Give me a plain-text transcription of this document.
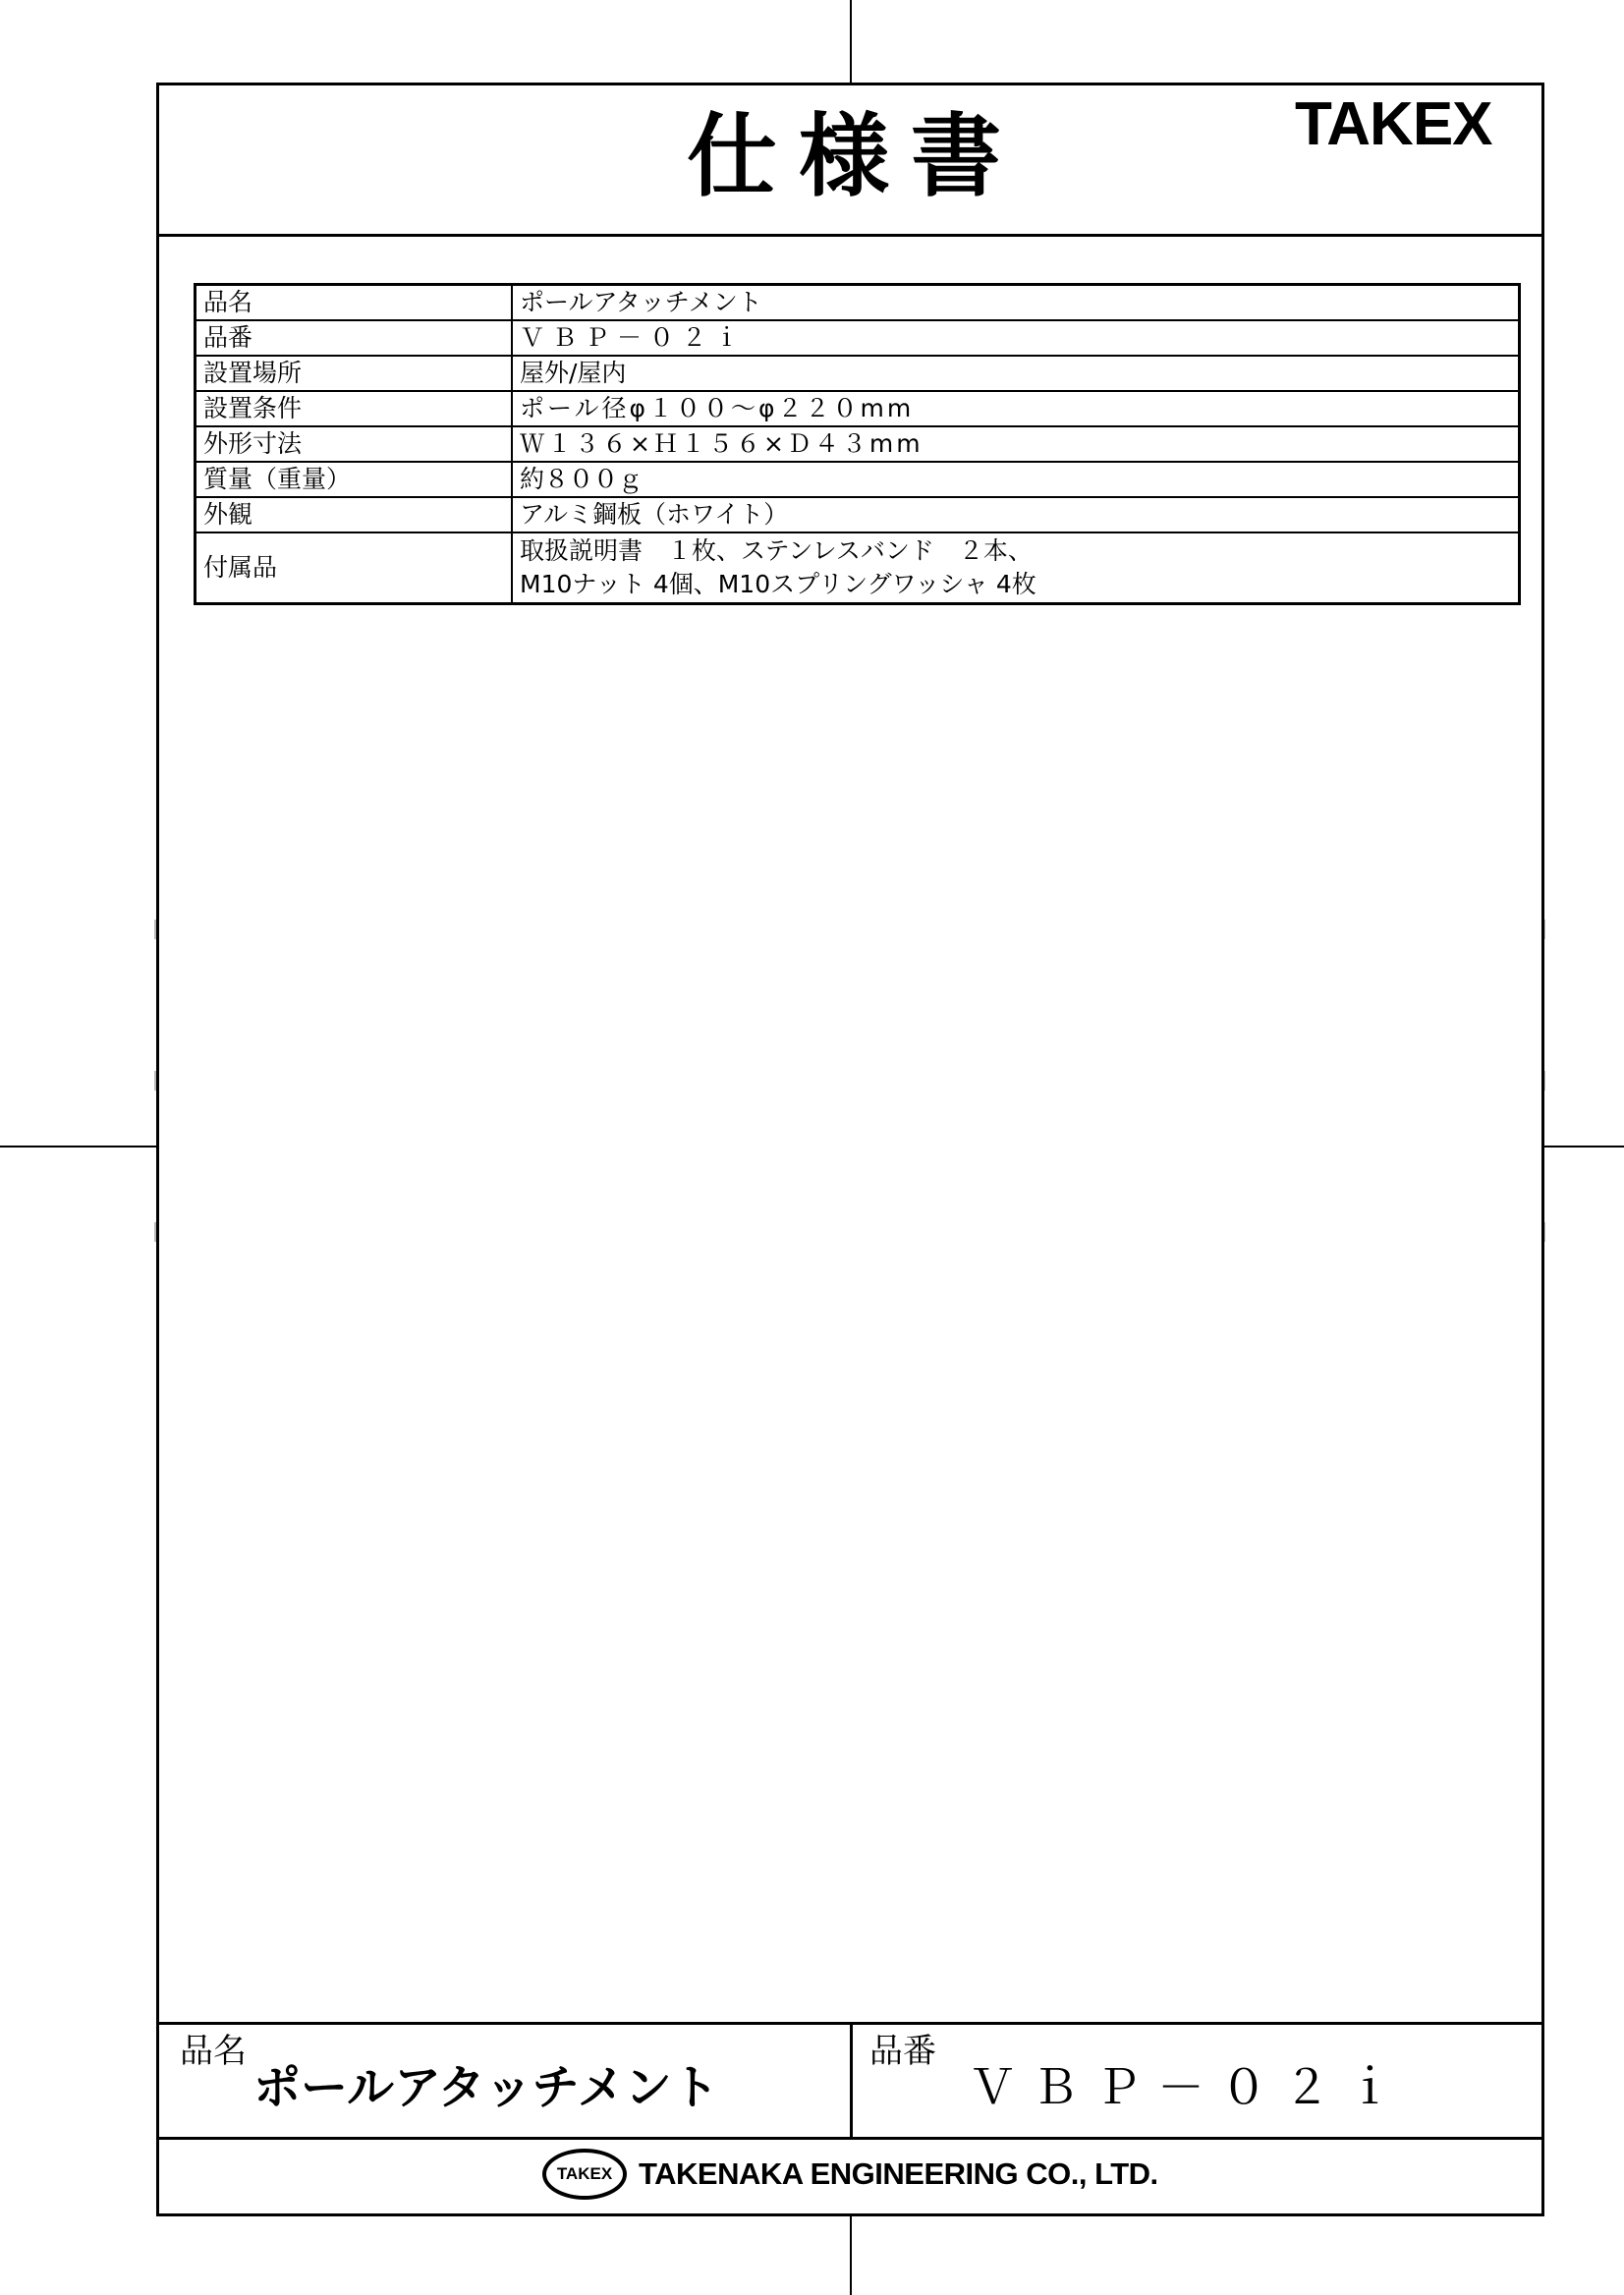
仕様書	TAKEX
品名	ポールアタッチメント
品番	ＶＢＰ－０２ｉ
設置場所	屋外/屋内
設置条件	ポール径φ１００～φ２２０mm
外形寸法	Ｗ１３６×Ｈ１５６×Ｄ４３mm
質量（重量）	約８００ｇ
外観	アルミ鋼板（ホワイト）
付属品	取扱説明書　１枚、ステンレスバンド　２本、
M10ナット 4個、M10スプリングワッシャ 4枚
品名
ポールアタッチメント
品番
ＶＢＰ－０２ｉ
TAKEX TAKENAKA ENGINEERING CO., LTD.
